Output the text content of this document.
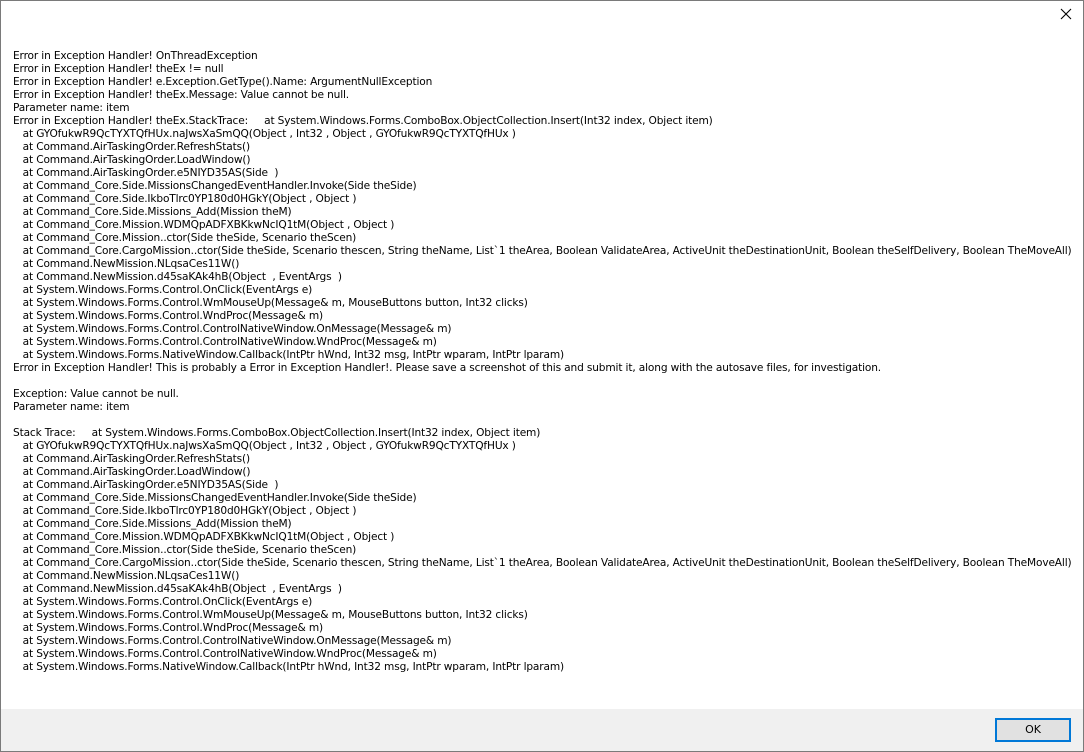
Error in Exception Handler! OnThreadException
Error in Exception Handler! theEx != null
Error in Exception Handler! e.Exception.GetType().Name: ArgumentNullException
Error in Exception Handler! theEx.Message: Value cannot be null.
Parameter name: item
Error in Exception Handler! theEx.StackTrace:     at System.Windows.Forms.ComboBox.ObjectCollection.Insert(Int32 index, Object item)
at GYOfukwR9QcTYXTQfHUx.naJwsXaSmQQ(Object , Int32 , Object , GYOfukwR9QcTYXTQfHUx )
at Command.AirTaskingOrder.RefreshStats()
at Command.AirTaskingOrder.LoadWindow()
at Command.AirTaskingOrder.e5NIYD35AS(Side  )
at Command_Core.Side.MissionsChangedEventHandler.Invoke(Side theSide)
at Command_Core.Side.IkboTlrc0YP180d0HGkY(Object , Object )
at Command_Core.Side.Missions_Add(Mission theM)
at Command_Core.Mission.WDMQpADFXBKkwNcIQ1tM(Object , Object )
at Command_Core.Mission..ctor(Side theSide, Scenario theScen)
at Command_Core.CargoMission..ctor(Side theSide, Scenario thescen, String theName, List`1 theArea, Boolean ValidateArea, ActiveUnit theDestinationUnit, Boolean theSelfDelivery, Boolean TheMoveAll)
at Command.NewMission.NLqsaCes11W()
at Command.NewMission.d45saKAk4hB(Object  , EventArgs  )
at System.Windows.Forms.Control.OnClick(EventArgs e)
at System.Windows.Forms.Control.WmMouseUp(Message& m, MouseButtons button, Int32 clicks)
at System.Windows.Forms.Control.WndProc(Message& m)
at System.Windows.Forms.Control.ControlNativeWindow.OnMessage(Message& m)
at System.Windows.Forms.Control.ControlNativeWindow.WndProc(Message& m)
at System.Windows.Forms.NativeWindow.Callback(IntPtr hWnd, Int32 msg, IntPtr wparam, IntPtr lparam)
Error in Exception Handler! This is probably a Error in Exception Handler!. Please save a screenshot of this and submit it, along with the autosave files, for investigation.
Exception: Value cannot be null.
Parameter name: item
Stack Trace:     at System.Windows.Forms.ComboBox.ObjectCollection.Insert(Int32 index, Object item)
at GYOfukwR9QcTYXTQfHUx.naJwsXaSmQQ(Object , Int32 , Object , GYOfukwR9QcTYXTQfHUx )
at Command.AirTaskingOrder.RefreshStats()
at Command.AirTaskingOrder.LoadWindow()
at Command.AirTaskingOrder.e5NIYD35AS(Side  )
at Command_Core.Side.MissionsChangedEventHandler.Invoke(Side theSide)
at Command_Core.Side.IkboTlrc0YP180d0HGkY(Object , Object )
at Command_Core.Side.Missions_Add(Mission theM)
at Command_Core.Mission.WDMQpADFXBKkwNcIQ1tM(Object , Object )
at Command_Core.Mission..ctor(Side theSide, Scenario theScen)
at Command_Core.CargoMission..ctor(Side theSide, Scenario thescen, String theName, List`1 theArea, Boolean ValidateArea, ActiveUnit theDestinationUnit, Boolean theSelfDelivery, Boolean TheMoveAll)
at Command.NewMission.NLqsaCes11W()
at Command.NewMission.d45saKAk4hB(Object  , EventArgs  )
at System.Windows.Forms.Control.OnClick(EventArgs e)
at System.Windows.Forms.Control.WmMouseUp(Message& m, MouseButtons button, Int32 clicks)
at System.Windows.Forms.Control.WndProc(Message& m)
at System.Windows.Forms.Control.ControlNativeWindow.OnMessage(Message& m)
at System.Windows.Forms.Control.ControlNativeWindow.WndProc(Message& m)
at System.Windows.Forms.NativeWindow.Callback(IntPtr hWnd, Int32 msg, IntPtr wparam, IntPtr lparam)
OK
